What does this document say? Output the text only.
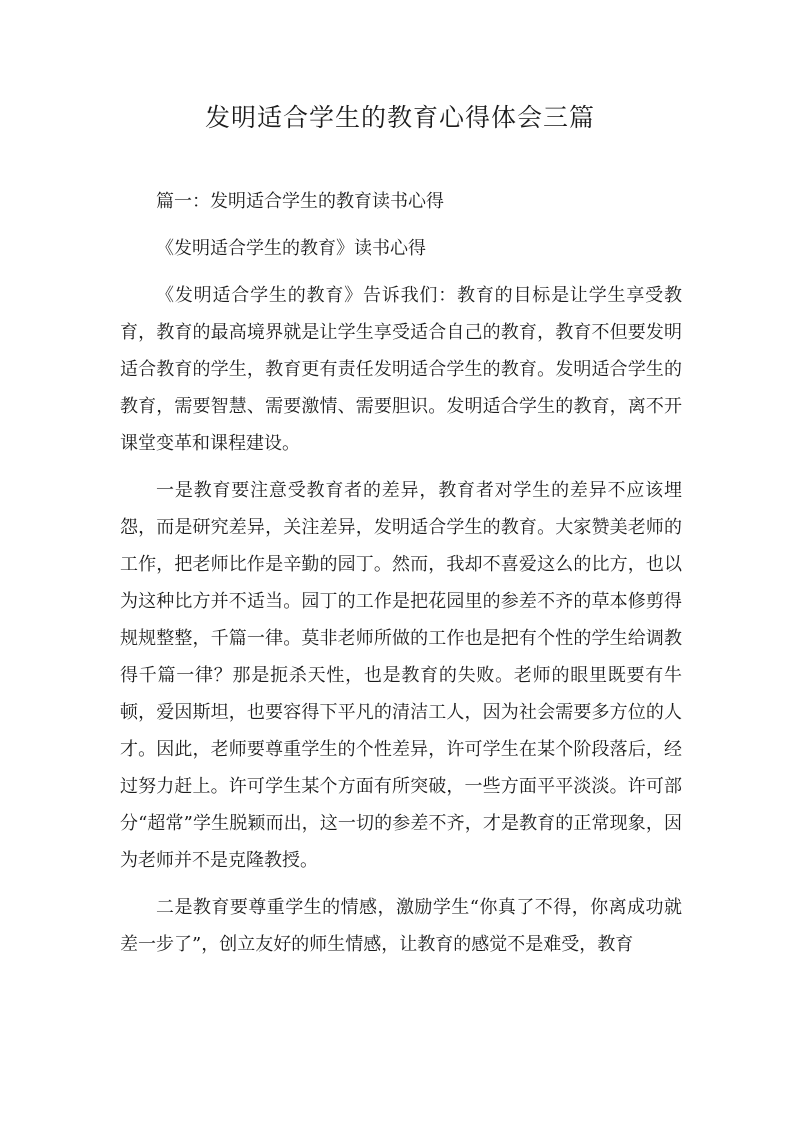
发明适合学生的教育心得体会三篇

篇一：发明适合学生的教育读书心得

《发明适合学生的教育》读书心得

《发明适合学生的教育》告诉我们：教育的目标是让学生享受教育，教育的最高境界就是让学生享受适合自己的教育，教育不但要发明适合教育的学生，教育更有责任发明适合学生的教育。发明适合学生的教育，需要智慧、需要激情、需要胆识。发明适合学生的教育，离不开课堂变革和课程建设。

一是教育要注意受教育者的差异，教育者对学生的差异不应该埋怨，而是研究差异，关注差异，发明适合学生的教育。大家赞美老师的工作，把老师比作是辛勤的园丁。然而，我却不喜爱这么的比方，也以为这种比方并不适当。园丁的工作是把花园里的参差不齐的草本修剪得规规整整，千篇一律。莫非老师所做的工作也是把有个性的学生给调教得千篇一律？那是扼杀天性，也是教育的失败。老师的眼里既要有牛顿，爱因斯坦，也要容得下平凡的清洁工人，因为社会需要多方位的人才。因此，老师要尊重学生的个性差异，许可学生在某个阶段落后，经过努力赶上。许可学生某个方面有所突破，一些方面平平淡淡。许可部分“超常”学生脱颖而出，这一切的参差不齐，才是教育的正常现象，因为老师并不是克隆教授。

二是教育要尊重学生的情感，激励学生“你真了不得，你离成功就差一步了”，创立友好的师生情感，让教育的感觉不是难受，教育
